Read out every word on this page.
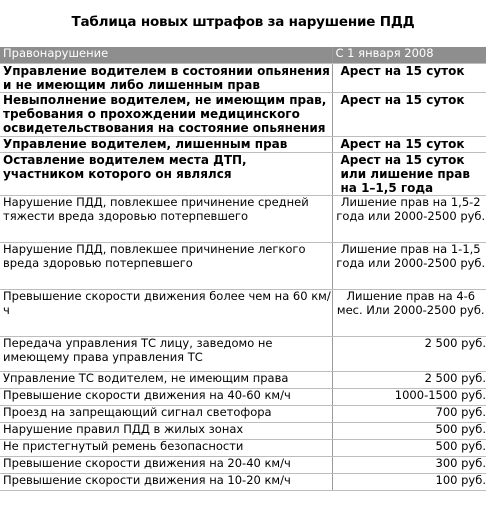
Таблица новых штрафов за нарушение ПДД
Правонарушение	С 1 января 2008
Управление водителем в состоянии опьянения и не имеющим либо лишенным прав	Арест на 15 суток
Невыполнение водителем, не имеющим прав, требования о прохождении медицинского освидетельствования на состояние опьянения	Арест на 15 суток
Управление водителем, лишенным прав	Арест на 15 суток
Оставление водителем места ДТП, участником которого он являлся	Арест на 15 суток или лишение прав на 1–1,5 года
Нарушение ПДД, повлекшее причинение средней тяжести вреда здоровью потерпевшего	Лишение прав на 1,5-2 года или 2000-2500 руб.
Нарушение ПДД, повлекшее причинение легкого вреда здоровью потерпевшего	Лишение прав на 1-1,5 года или 2000-2500 руб.
Превышение скорости движения более чем на 60 км/ч	Лишение прав на 4-6 мес. Или 2000-2500 руб.
Передача управления ТС лицу, заведомо не имеющему права управления ТС	2 500 руб.
Управление ТС водителем, не имеющим права	2 500 руб.
Превышение скорости движения на 40-60 км/ч	1000-1500 руб.
Проезд на запрещающий сигнал светофора	700 руб.
Нарушение правил ПДД в жилых зонах	500 руб.
Не пристегнутый ремень безопасности	500 руб.
Превышение скорости движения на 20-40 км/ч	300 руб.
Превышение скорости движения на 10-20 км/ч	100 руб.
